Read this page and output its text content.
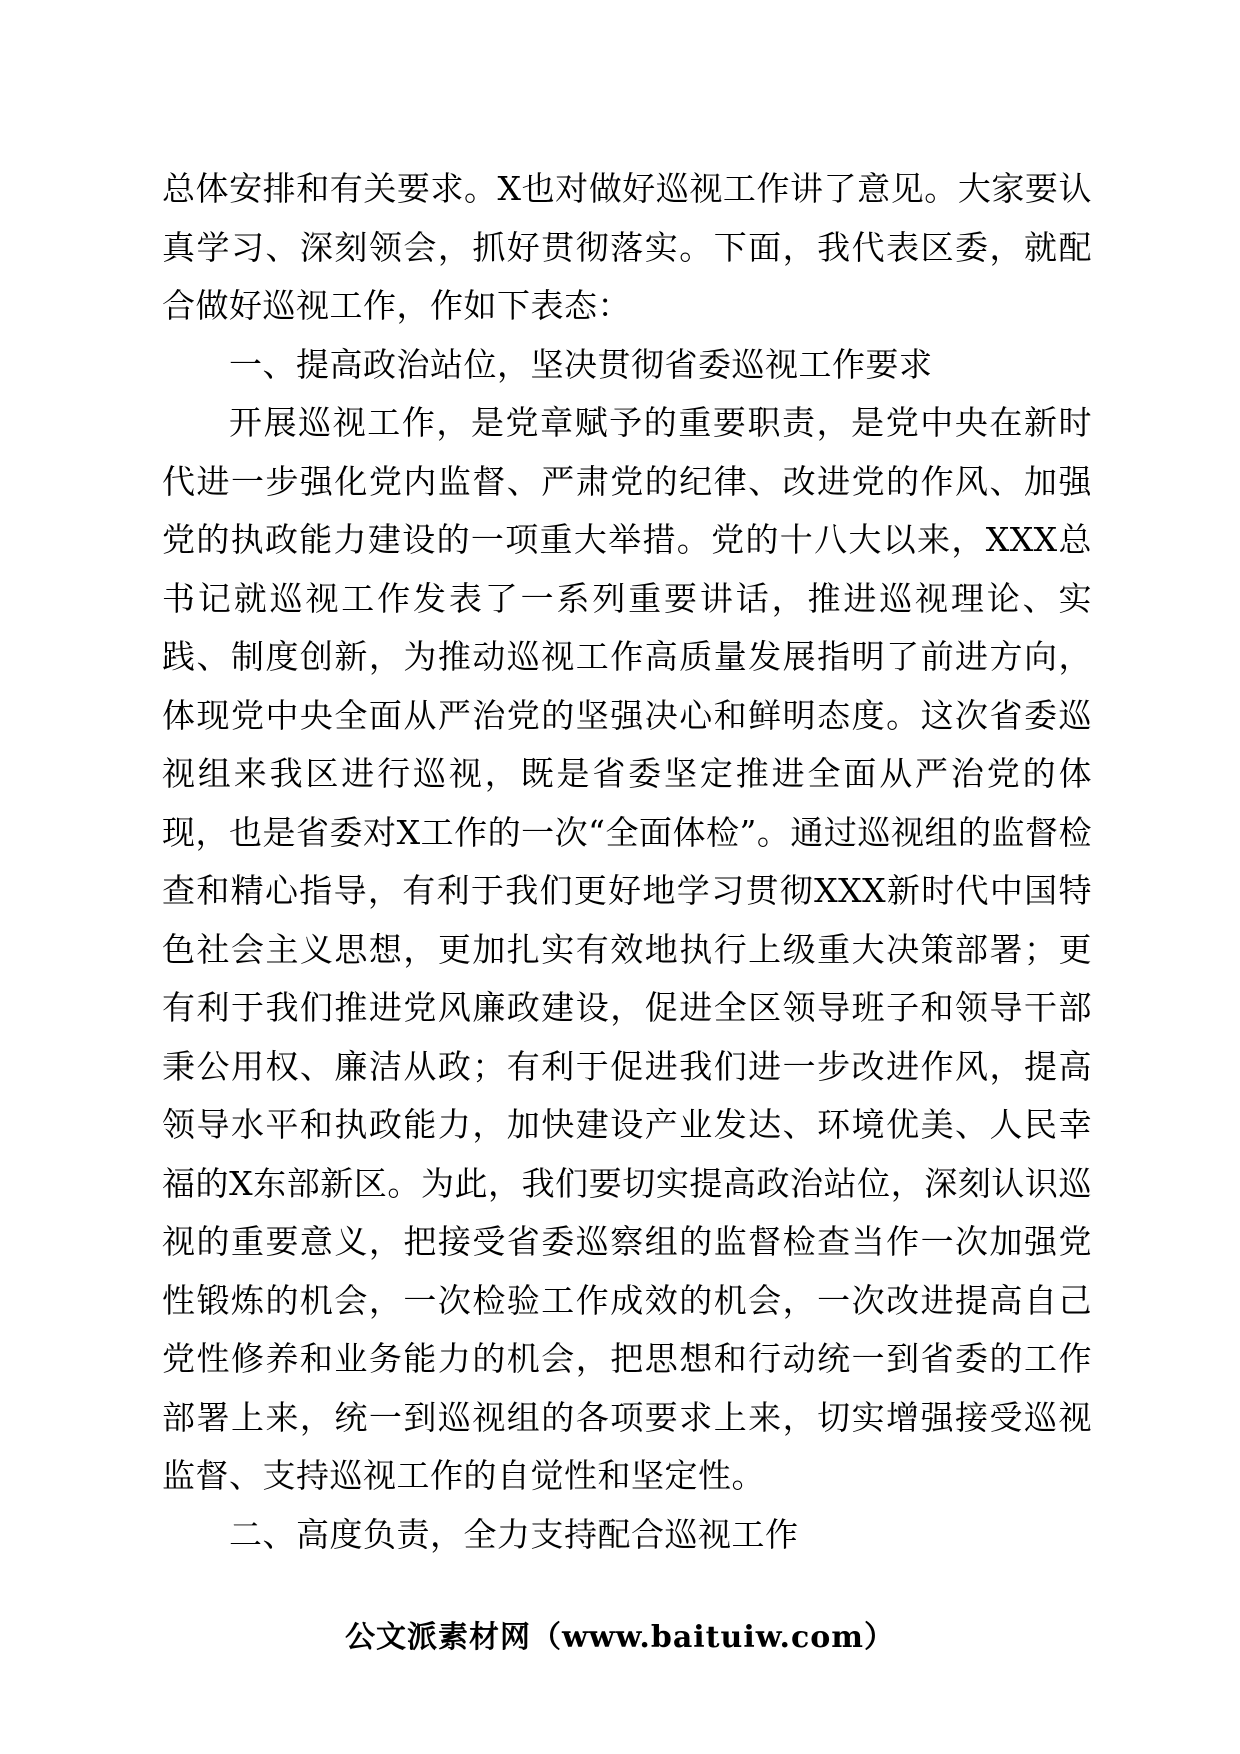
总体安排和有关要求。X也对做好巡视工作讲了意见。大家要认真学习、深刻领会，抓好贯彻落实。下面，我代表区委，就配合做好巡视工作，作如下表态：

一、提高政治站位，坚决贯彻省委巡视工作要求

开展巡视工作，是党章赋予的重要职责，是党中央在新时代进一步强化党内监督、严肃党的纪律、改进党的作风、加强党的执政能力建设的一项重大举措。党的十八大以来，XXX总书记就巡视工作发表了一系列重要讲话，推进巡视理论、实践、制度创新，为推动巡视工作高质量发展指明了前进方向，体现党中央全面从严治党的坚强决心和鲜明态度。这次省委巡视组来我区进行巡视，既是省委坚定推进全面从严治党的体现，也是省委对X工作的一次“全面体检”。通过巡视组的监督检查和精心指导，有利于我们更好地学习贯彻XXX新时代中国特色社会主义思想，更加扎实有效地执行上级重大决策部署；更有利于我们推进党风廉政建设，促进全区领导班子和领导干部秉公用权、廉洁从政；有利于促进我们进一步改进作风，提高领导水平和执政能力，加快建设产业发达、环境优美、人民幸福的X东部新区。为此，我们要切实提高政治站位，深刻认识巡视的重要意义，把接受省委巡察组的监督检查当作一次加强党性锻炼的机会，一次检验工作成效的机会，一次改进提高自己党性修养和业务能力的机会，把思想和行动统一到省委的工作部署上来，统一到巡视组的各项要求上来，切实增强接受巡视监督、支持巡视工作的自觉性和坚定性。

二、高度负责，全力支持配合巡视工作

公文派素材网（www.baituiw.com）
